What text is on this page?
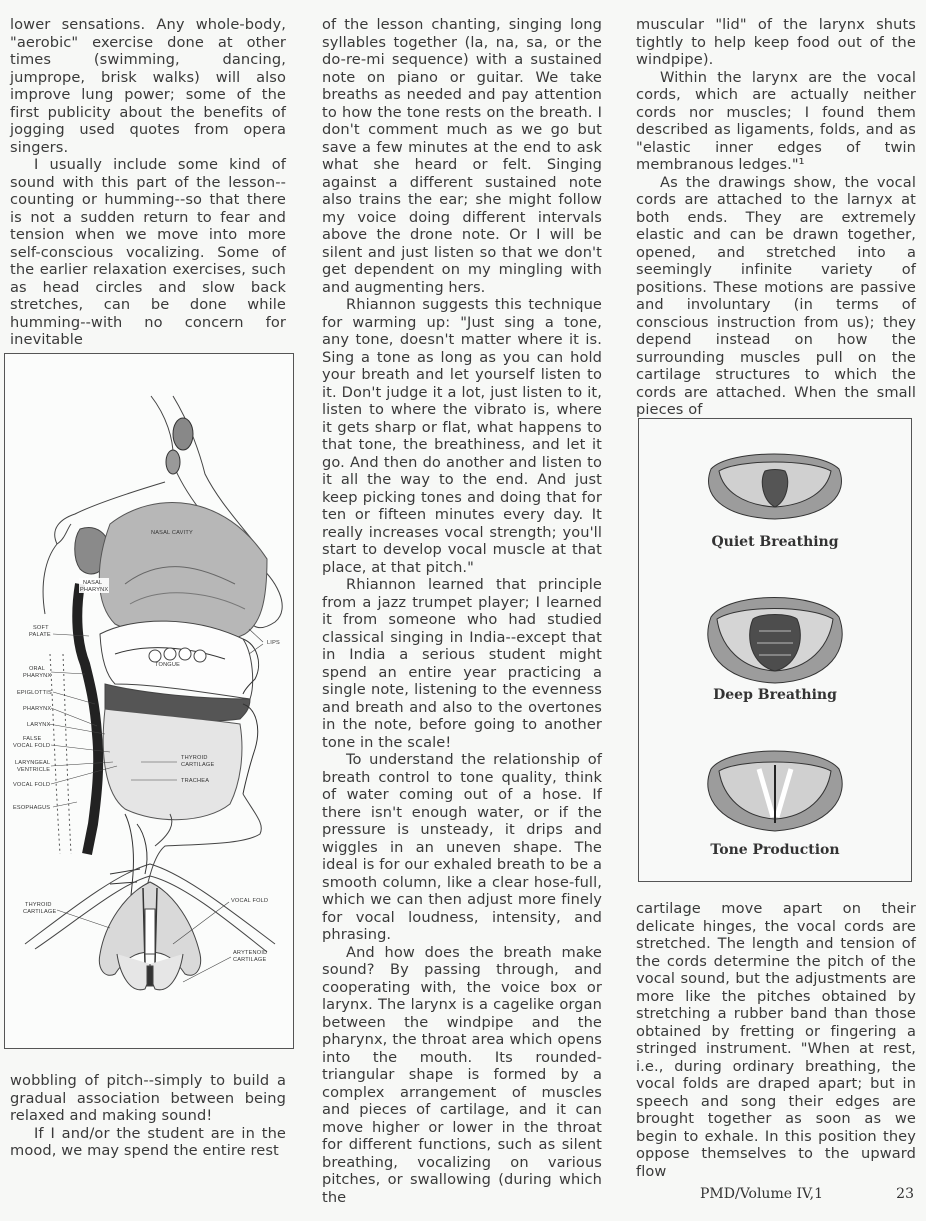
lower sensations. Any whole-body, "aerobic" exercise done at other times (swimming, dancing, jumprope, brisk walks) will also improve lung power; some of the first publicity about the benefits of jogging used quotes from opera singers.

I usually include some kind of sound with this part of the lesson--counting or humming--so that there is not a sudden return to fear and tension when we move into more self-conscious vocalizing. Some of the earlier relaxation exercises, such as head circles and slow back stretches, can be done while humming--with no concern for inevitable

NASAL CAVITY
NASAL
PHARYNX
SOFT
PALATE
LIPS
TONGUE
ORAL
PHARYNX
EPIGLOTTIS
PHARYNX
LARYNX
FALSE
VOCAL FOLD
LARYNGEAL
VENTRICLE
VOCAL FOLD
ESOPHAGUS
THYROID
CARTILAGE
TRACHEA
THYROID
CARTILAGE
VOCAL FOLD
ARYTENOID
CARTILAGE

wobbling of pitch--simply to build a gradual association between being relaxed and making sound!

If I and/or the student are in the mood, we may spend the entire rest

of the lesson chanting, singing long syllables together (la, na, sa, or the do-re-mi sequence) with a sustained note on piano or guitar. We take breaths as needed and pay attention to how the tone rests on the breath. I don't comment much as we go but save a few minutes at the end to ask what she heard or felt. Singing against a different sustained note also trains the ear; she might follow my voice doing different intervals above the drone note. Or I will be silent and just listen so that we don't get dependent on my mingling with and augmenting hers.

Rhiannon suggests this technique for warming up: "Just sing a tone, any tone, doesn't matter where it is. Sing a tone as long as you can hold your breath and let yourself listen to it. Don't judge it a lot, just listen to it, listen to where the vibrato is, where it gets sharp or flat, what happens to that tone, the breathiness, and let it go. And then do another and listen to it all the way to the end. And just keep picking tones and doing that for ten or fifteen minutes every day. It really increases vocal strength; you'll start to develop vocal muscle at that place, at that pitch."

Rhiannon learned that principle from a jazz trumpet player; I learned it from someone who had studied classical singing in India--except that in India a serious student might spend an entire year practicing a single note, listening to the evenness and breath and also to the overtones in the note, before going to another tone in the scale!

To understand the relationship of breath control to tone quality, think of water coming out of a hose. If there isn't enough water, or if the pressure is unsteady, it drips and wiggles in an uneven shape. The ideal is for our exhaled breath to be a smooth column, like a clear hose-full, which we can then adjust more finely for vocal loudness, intensity, and phrasing.

And how does the breath make sound? By passing through, and cooperating with, the voice box or larynx. The larynx is a cagelike organ between the windpipe and the pharynx, the throat area which opens into the mouth. Its rounded-triangular shape is formed by a complex arrangement of muscles and pieces of cartilage, and it can move higher or lower in the throat for different functions, such as silent breathing, vocalizing on various pitches, or swallowing (during which the

muscular "lid" of the larynx shuts tightly to help keep food out of the windpipe).

Within the larynx are the vocal cords, which are actually neither cords nor muscles; I found them described as ligaments, folds, and as "elastic inner edges of twin membranous ledges."¹

As the drawings show, the vocal cords are attached to the larnyx at both ends. They are extremely elastic and can be drawn together, opened, and stretched into a seemingly infinite variety of positions. These motions are passive and involuntary (in terms of conscious instruction from us); they depend instead on how the surrounding muscles pull on the cartilage structures to which the cords are attached. When the small pieces of

Quiet Breathing
Deep Breathing
Tone Production

cartilage move apart on their delicate hinges, the vocal cords are stretched. The length and tension of the cords determine the pitch of the vocal sound, but the adjustments are more like the pitches obtained by stretching a rubber band than those obtained by fretting or fingering a stringed instrument. "When at rest, i.e., during ordinary breathing, the vocal folds are draped apart; but in speech and song their edges are brought together as soon as we begin to exhale. In this position they oppose themselves to the upward flow

PMD/Volume IV,1	23
